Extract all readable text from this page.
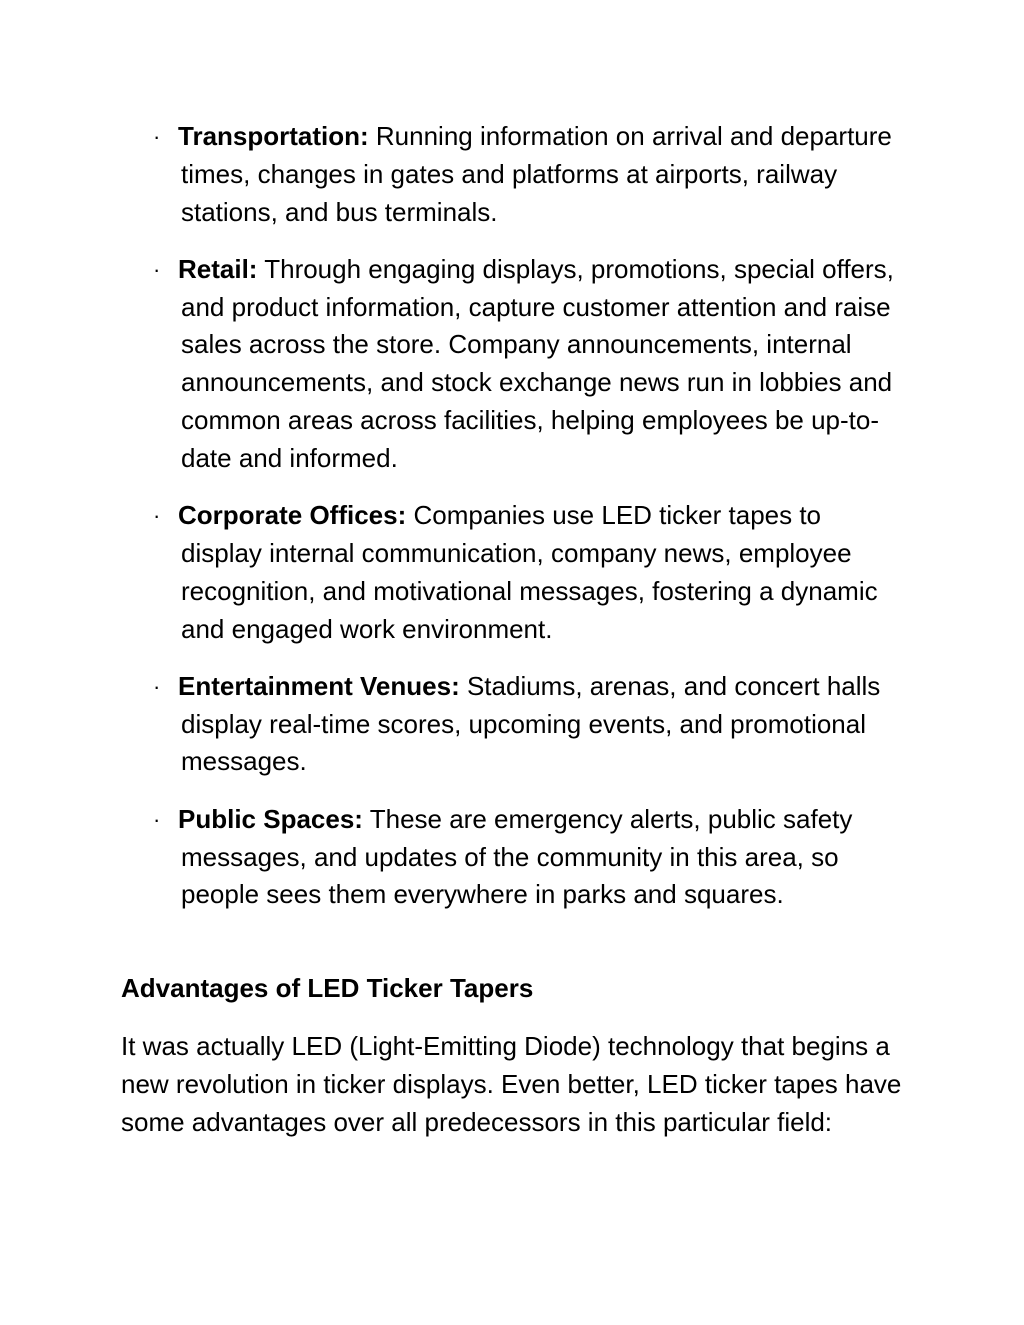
· Transportation: Running information on arrival and departure times, changes in gates and platforms at airports, railway stations, and bus terminals.
· Retail: Through engaging displays, promotions, special offers, and product information, capture customer attention and raise sales across the store. Company announcements, internal announcements, and stock exchange news run in lobbies and common areas across facilities, helping employees be up-to-date and informed.
· Corporate Offices: Companies use LED ticker tapes to display internal communication, company news, employee recognition, and motivational messages, fostering a dynamic and engaged work environment.
· Entertainment Venues: Stadiums, arenas, and concert halls display real-time scores, upcoming events, and promotional messages.
· Public Spaces: These are emergency alerts, public safety messages, and updates of the community in this area, so people sees them everywhere in parks and squares.
Advantages of LED Ticker Tapers

It was actually LED (Light-Emitting Diode) technology that begins a new revolution in ticker displays. Even better, LED ticker tapes have some advantages over all predecessors in this particular field:
